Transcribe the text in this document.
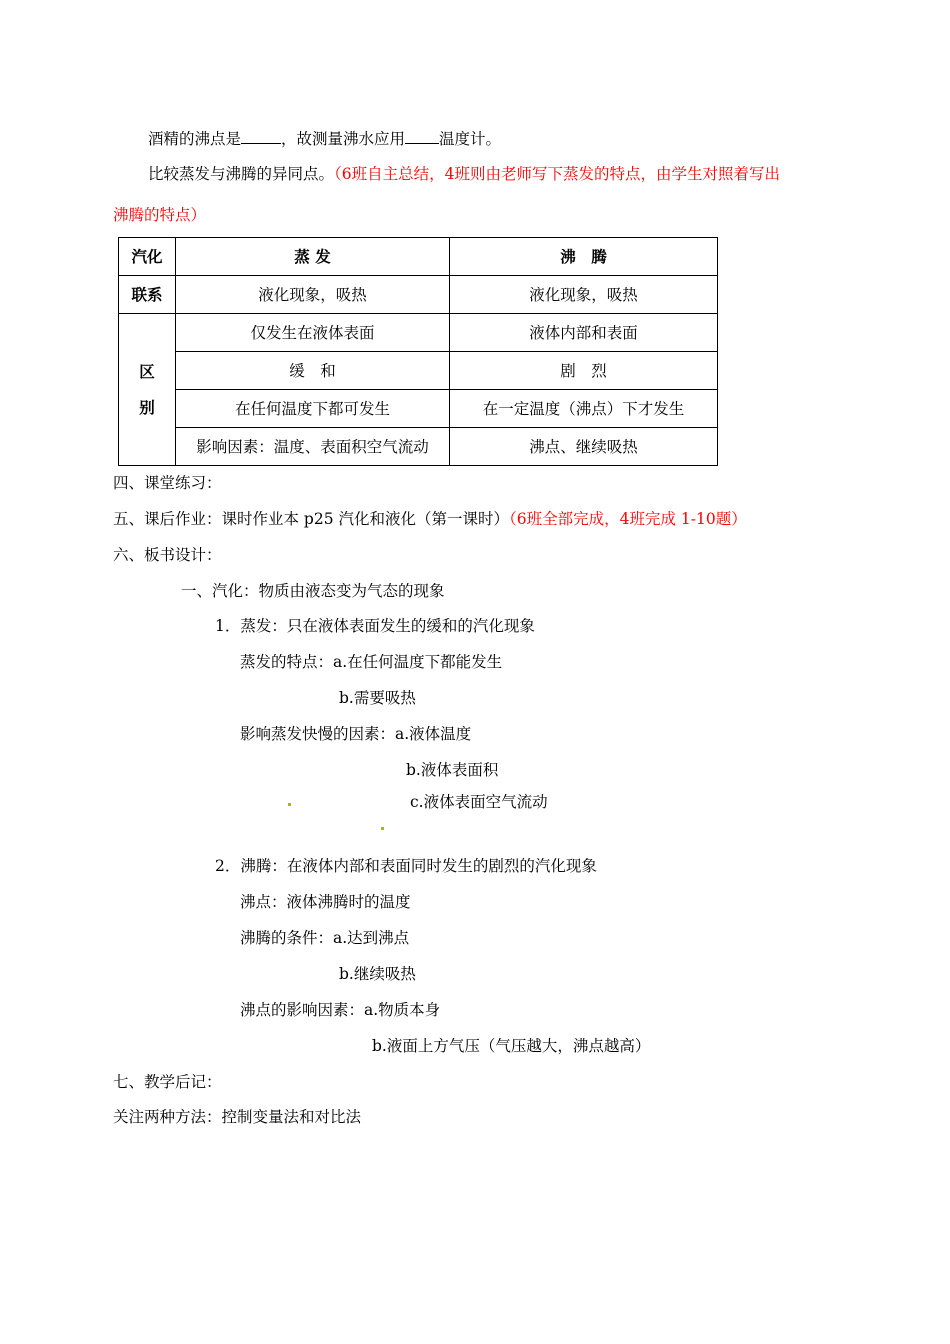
酒精的沸点是	，故测量沸水应用 温度计。
比较蒸发与沸腾的异同点。（6班自主总结，4班则由老师写下蒸发的特点，由学生对照着写出
沸腾的特点）
汽化	蒸 发	沸　腾
联系	液化现象，吸热	液化现象，吸热
区
别	仅发生在液体表面	液体内部和表面
	缓　和	剧　烈
	在任何温度下都可发生	在一定温度（沸点）下才发生
	影响因素：温度、表面积空气流动	沸点、继续吸热
四、课堂练习：
五、课后作业：课时作业本 p25 汽化和液化（第一课时）（6班全部完成，4班完成 1-10题）
六、板书设计：
一、汽化：物质由液态变为气态的现象
1．蒸发：只在液体表面发生的缓和的汽化现象
蒸发的特点：a.在任何温度下都能发生
b.需要吸热
影响蒸发快慢的因素：a.液体温度
b.液体表面积
c.液体表面空气流动
2．沸腾：在液体内部和表面同时发生的剧烈的汽化现象
沸点：液体沸腾时的温度
沸腾的条件：a.达到沸点
b.继续吸热
沸点的影响因素：a.物质本身
b.液面上方气压（气压越大，沸点越高）
七、教学后记：
关注两种方法：控制变量法和对比法
